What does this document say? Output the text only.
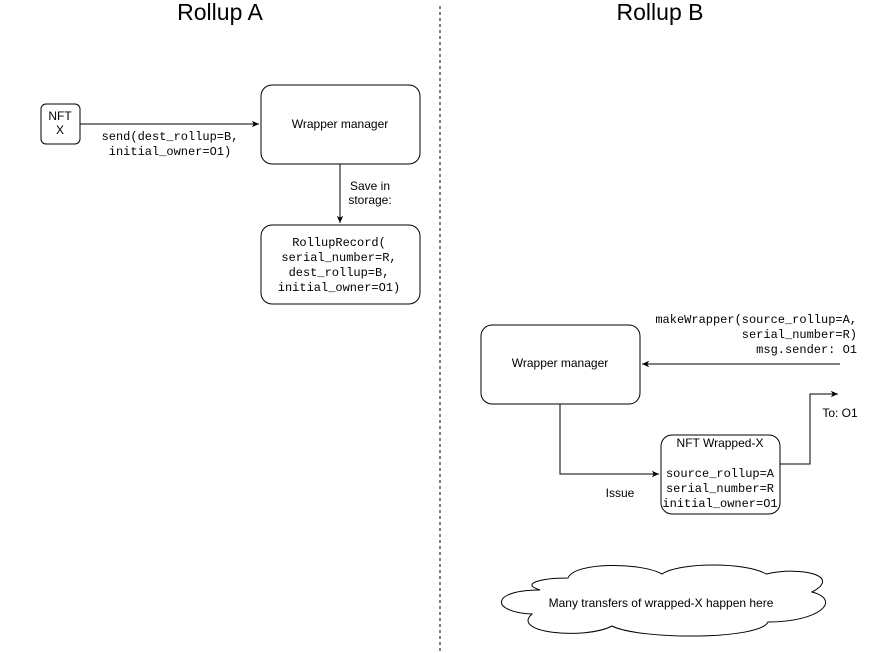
Rollup A	Rollup B
NFT
X	send(dest_rollup=B,
initial_owner=O1)
Wrapper manager
Save in
storage:
RollupRecord(
serial_number=R,
dest_rollup=B,
initial_owner=O1)
makeWrapper(source_rollup=A,
serial_number=R)
msg.sender: O1
Wrapper manager
Issue
NFT Wrapped-X
source_rollup=A
serial_number=R
initial_owner=O1
To: O1
Many transfers of wrapped-X happen here
